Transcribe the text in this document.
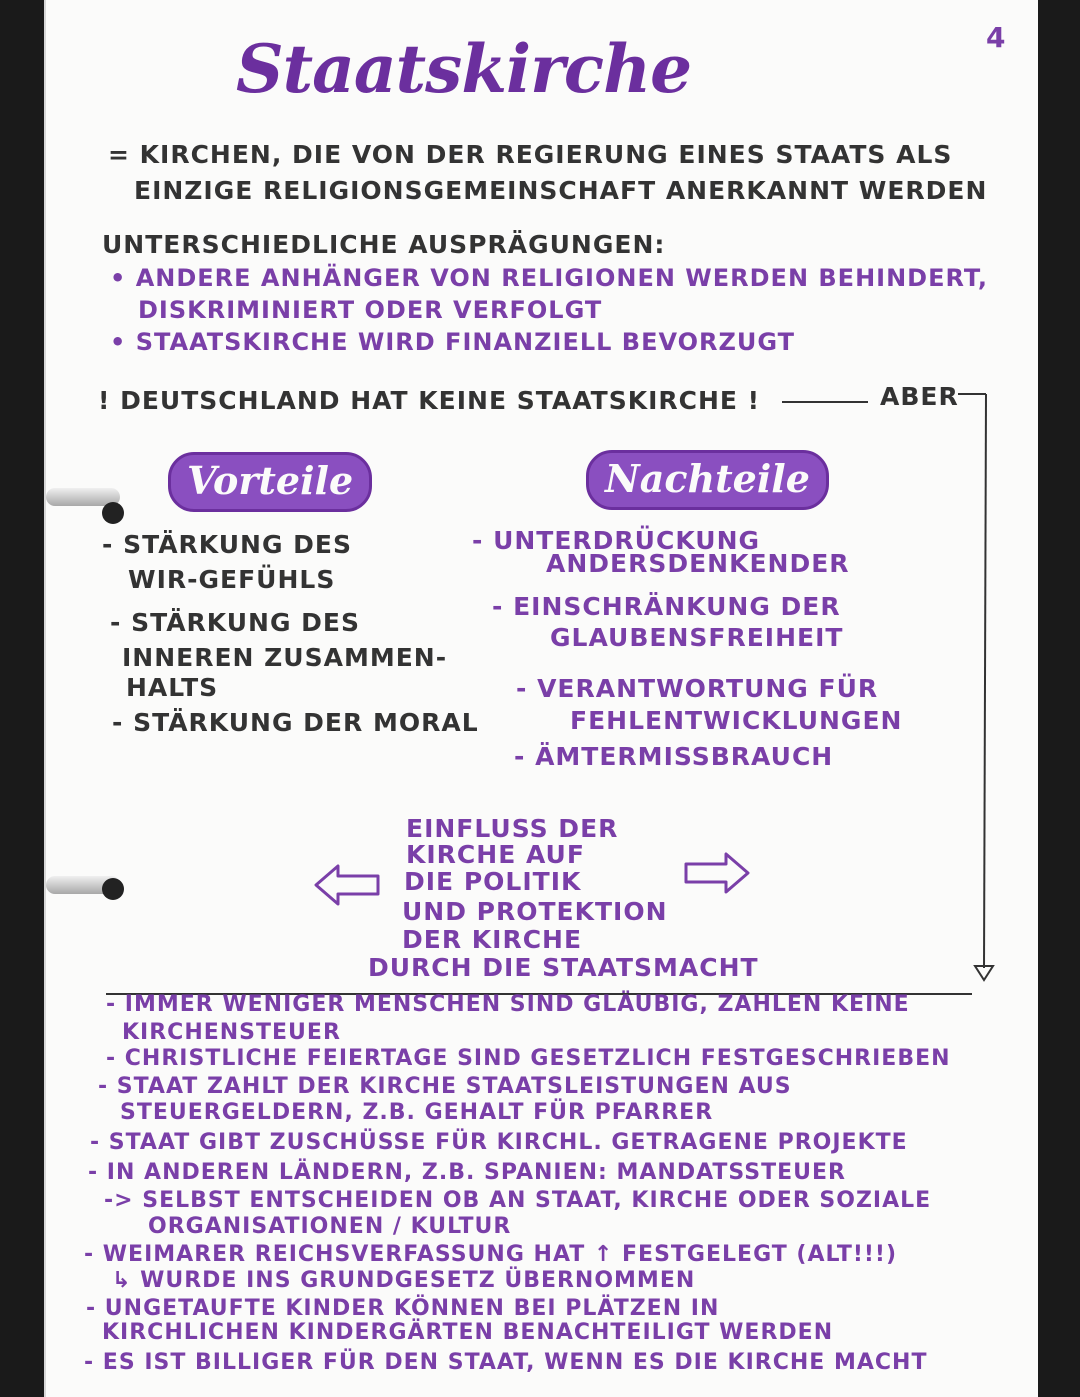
4
Staatskirche
= KIRCHEN, DIE VON DER REGIERUNG EINES STAATS ALS
EINZIGE RELIGIONSGEMEINSCHAFT ANERKANNT WERDEN
UNTERSCHIEDLICHE AUSPRÄGUNGEN:
• ANDERE ANHÄNGER VON RELIGIONEN WERDEN BEHINDERT,
DISKRIMINIERT ODER VERFOLGT
• STAATSKIRCHE WIRD FINANZIELL BEVORZUGT
! DEUTSCHLAND HAT KEINE STAATSKIRCHE !	ABER
Vorteile	Nachteile
- STÄRKUNG DES
WIR-GEFÜHLS
- STÄRKUNG DES
INNEREN ZUSAMMEN-
HALTS
- STÄRKUNG DER MORAL
- UNTERDRÜCKUNG
ANDERSDENKENDER
- EINSCHRÄNKUNG DER
GLAUBENSFREIHEIT
- VERANTWORTUNG FÜR
FEHLENTWICKLUNGEN
- ÄMTERMISSBRAUCH
EINFLUSS DER
KIRCHE AUF
DIE POLITIK
UND PROTEKTION
DER KIRCHE
DURCH DIE STAATSMACHT
- IMMER WENIGER MENSCHEN SIND GLÄUBIG, ZAHLEN KEINE
KIRCHENSTEUER
- CHRISTLICHE FEIERTAGE SIND GESETZLICH FESTGESCHRIEBEN
- STAAT ZAHLT DER KIRCHE STAATSLEISTUNGEN AUS
STEUERGELDERN, Z.B. GEHALT FÜR PFARRER
- STAAT GIBT ZUSCHÜSSE FÜR KIRCHL. GETRAGENE PROJEKTE
- IN ANDEREN LÄNDERN, Z.B. SPANIEN: MANDATSSTEUER
-> SELBST ENTSCHEIDEN OB AN STAAT, KIRCHE ODER SOZIALE
ORGANISATIONEN / KULTUR
- WEIMARER REICHSVERFASSUNG HAT ↑ FESTGELEGT (ALT!!!)
↳ WURDE INS GRUNDGESETZ ÜBERNOMMEN
- UNGETAUFTE KINDER KÖNNEN BEI PLÄTZEN IN
KIRCHLICHEN KINDERGÄRTEN BENACHTEILIGT WERDEN
- ES IST BILLIGER FÜR DEN STAAT, WENN ES DIE KIRCHE MACHT
